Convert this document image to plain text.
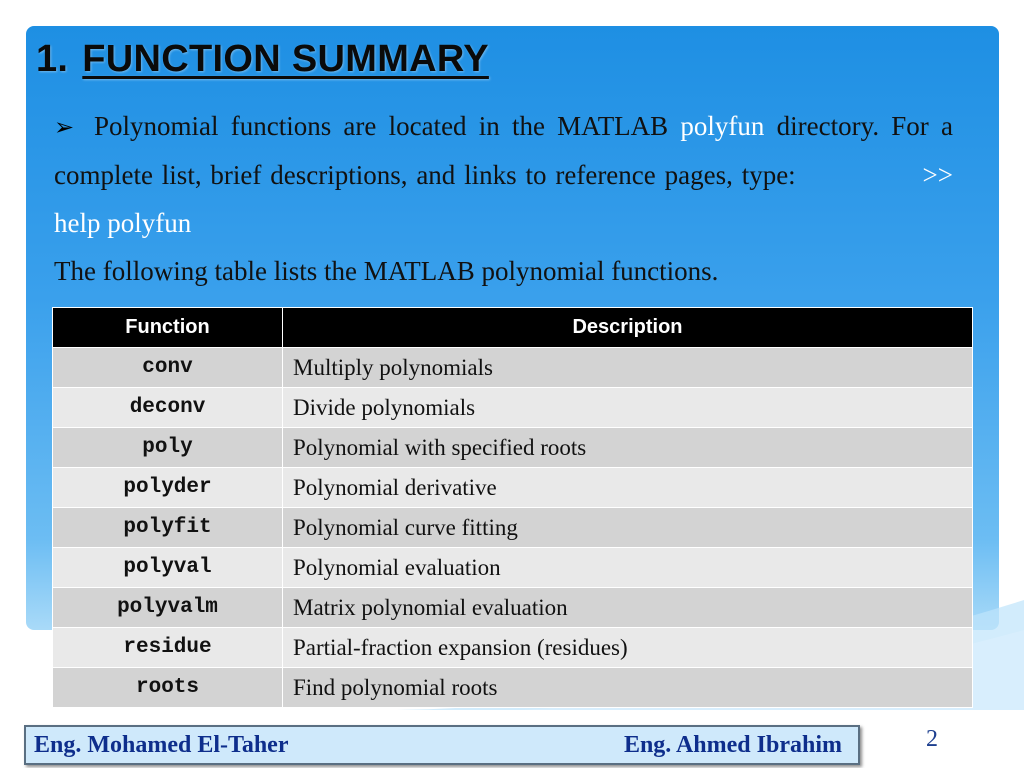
1. FUNCTION SUMMARY

➢ Polynomial functions are located in the MATLAB polyfun directory. For a complete list, brief descriptions, and links to reference pages, type:	>> help polyfun

The following table lists the MATLAB polynomial functions.

Function	Description
conv	Multiply polynomials
deconv	Divide polynomials
poly	Polynomial with specified roots
polyder	Polynomial derivative
polyfit	Polynomial curve fitting
polyval	Polynomial evaluation
polyvalm	Matrix polynomial evaluation
residue	Partial-fraction expansion (residues)
roots	Find polynomial roots
Eng. Mohamed El-Taher	Eng. Ahmed Ibrahim	2
